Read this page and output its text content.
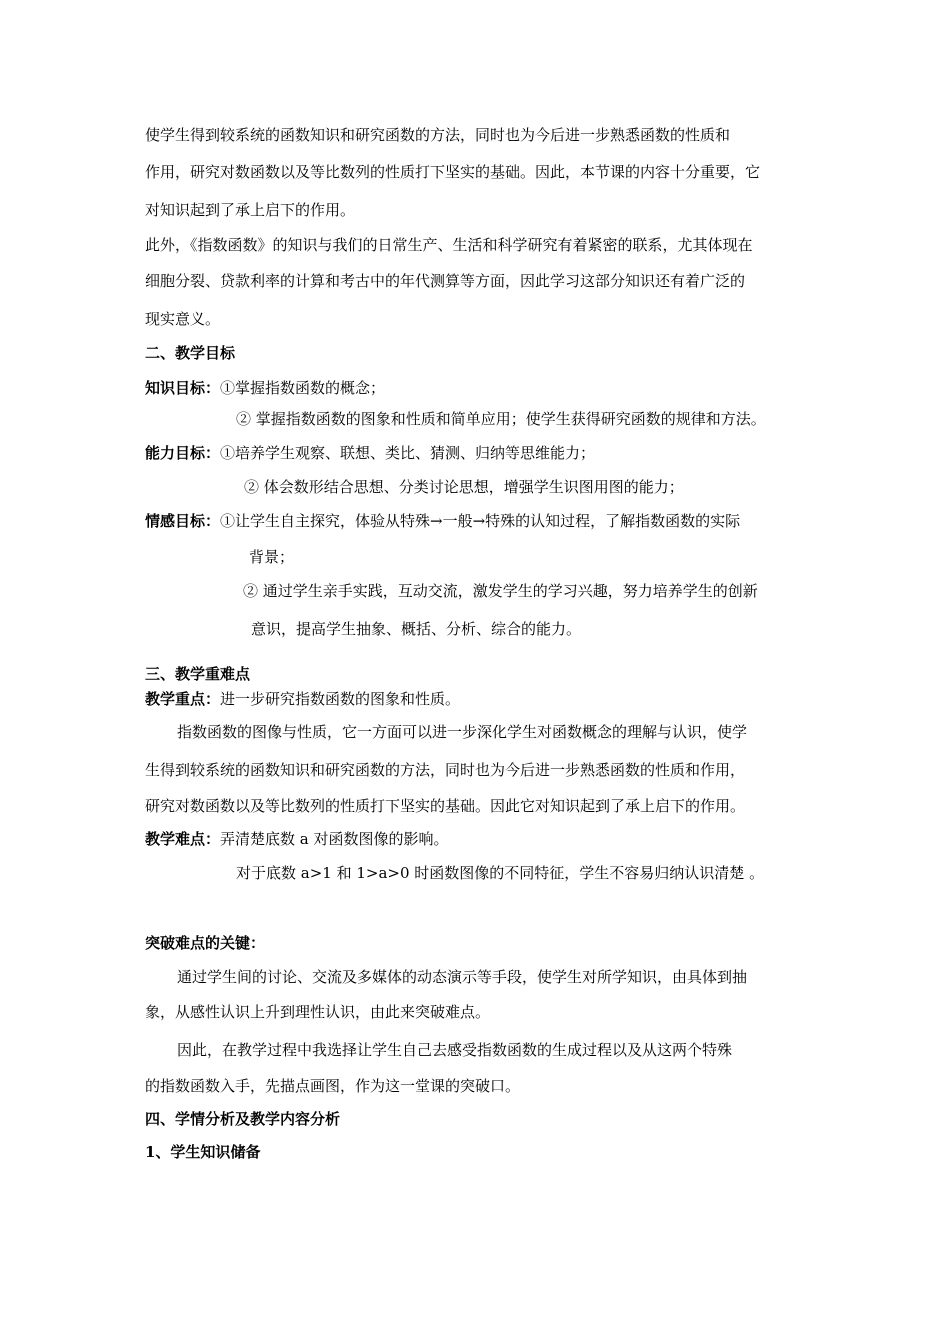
使学生得到较系统的函数知识和研究函数的方法，同时也为今后进一步熟悉函数的性质和
作用，研究对数函数以及等比数列的性质打下坚实的基础。因此，本节课的内容十分重要，它
对知识起到了承上启下的作用。
此外，《指数函数》的知识与我们的日常生产、生活和科学研究有着紧密的联系，尤其体现在
细胞分裂、贷款利率的计算和考古中的年代测算等方面，因此学习这部分知识还有着广泛的
现实意义。
二、教学目标
知识目标：①掌握指数函数的概念；
② 掌握指数函数的图象和性质和简单应用；使学生获得研究函数的规律和方法。
能力目标：①培养学生观察、联想、类比、猜测、归纳等思维能力；
② 体会数形结合思想、分类讨论思想，增强学生识图用图的能力；
情感目标：①让学生自主探究，体验从特殊→一般→特殊的认知过程，了解指数函数的实际
背景；
② 通过学生亲手实践，互动交流，激发学生的学习兴趣，努力培养学生的创新
意识，提高学生抽象、概括、分析、综合的能力。
三、教学重难点
教学重点：进一步研究指数函数的图象和性质。
指数函数的图像与性质，它一方面可以进一步深化学生对函数概念的理解与认识，使学
生得到较系统的函数知识和研究函数的方法，同时也为今后进一步熟悉函数的性质和作用，
研究对数函数以及等比数列的性质打下坚实的基础。因此它对知识起到了承上启下的作用。
教学难点：弄清楚底数 a 对函数图像的影响。
对于底数 a>1 和 1>a>0 时函数图像的不同特征，学生不容易归纳认识清楚 。
突破难点的关键：
通过学生间的讨论、交流及多媒体的动态演示等手段，使学生对所学知识，由具体到抽
象，从感性认识上升到理性认识，由此来突破难点。
因此，在教学过程中我选择让学生自己去感受指数函数的生成过程以及从这两个特殊
的指数函数入手，先描点画图，作为这一堂课的突破口。
四、学情分析及教学内容分析
1、学生知识储备
